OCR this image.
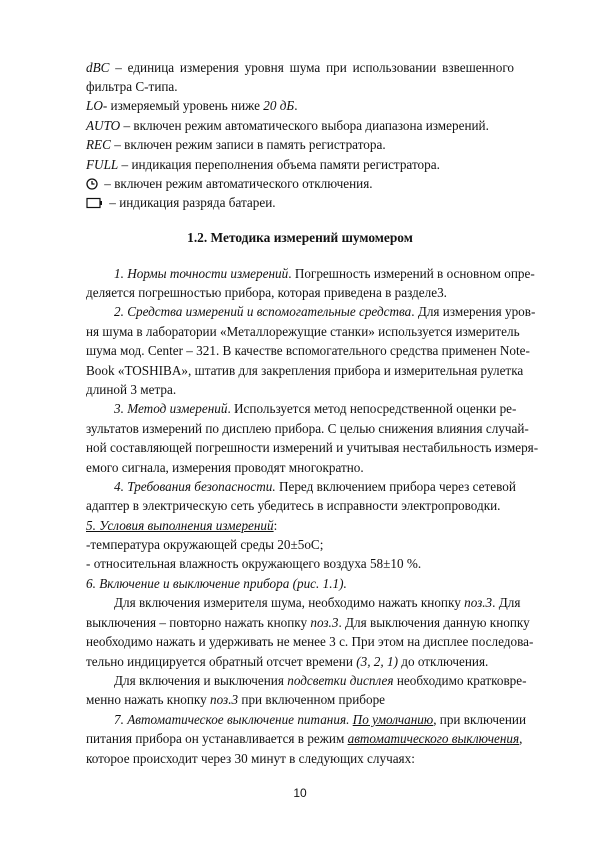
dBC – единица измерения уровня шума при использовании взвешенного
фильтра С-типа.
LO- измеряемый уровень ниже 20 дБ.
AUTO – включен режим автоматического выбора диапазона измерений.
REC – включен режим записи в память регистратора.
FULL – индикация переполнения объема памяти регистратора.
– включен режим автоматического отключения.
– индикация разряда батареи.
1.2. Методика измерений шумомером
1. Нормы точности измерений. Погрешность измерений в основном опре-
деляется погрешностью прибора, которая приведена в разделе3.
2. Средства измерений и вспомогательные средства. Для измерения уров-
ня шума в лаборатории «Металлорежущие станки» используется измеритель
шума мод. Center – 321. В качестве вспомогательного средства применен Note-
Book «TOSHIBA», штатив для закрепления прибора и измерительная рулетка
длиной 3 метра.
3. Метод измерений. Используется метод непосредственной оценки ре-
зультатов измерений по дисплею прибора. С целью снижения влияния случай-
ной составляющей погрешности измерений и учитывая нестабильность измеря-
емого сигнала, измерения проводят многократно.
4. Требования безопасности. Перед включением прибора через сетевой
адаптер в электрическую сеть убедитесь в исправности электропроводки.
5. Условия выполнения измерений:
-температура окружающей среды 20±5оС;
- относительная влажность окружающего воздуха 58±10 %.
6. Включение и выключение прибора (рис. 1.1).
Для включения измерителя шума, необходимо нажать кнопку поз.3. Для
выключения – повторно нажать кнопку поз.3. Для выключения данную кнопку
необходимо нажать и удерживать не менее 3 с. При этом на дисплее последова-
тельно индицируется обратный отсчет времени (3, 2, 1) до отключения.
Для включения и выключения подсветки дисплея необходимо кратковре-
менно нажать кнопку поз.3 при включенном приборе
7. Автоматическое выключение питания. По умолчанию, при включении
питания прибора он устанавливается в режим автоматического выключения,
которое происходит через 30 минут в следующих случаях:
10
